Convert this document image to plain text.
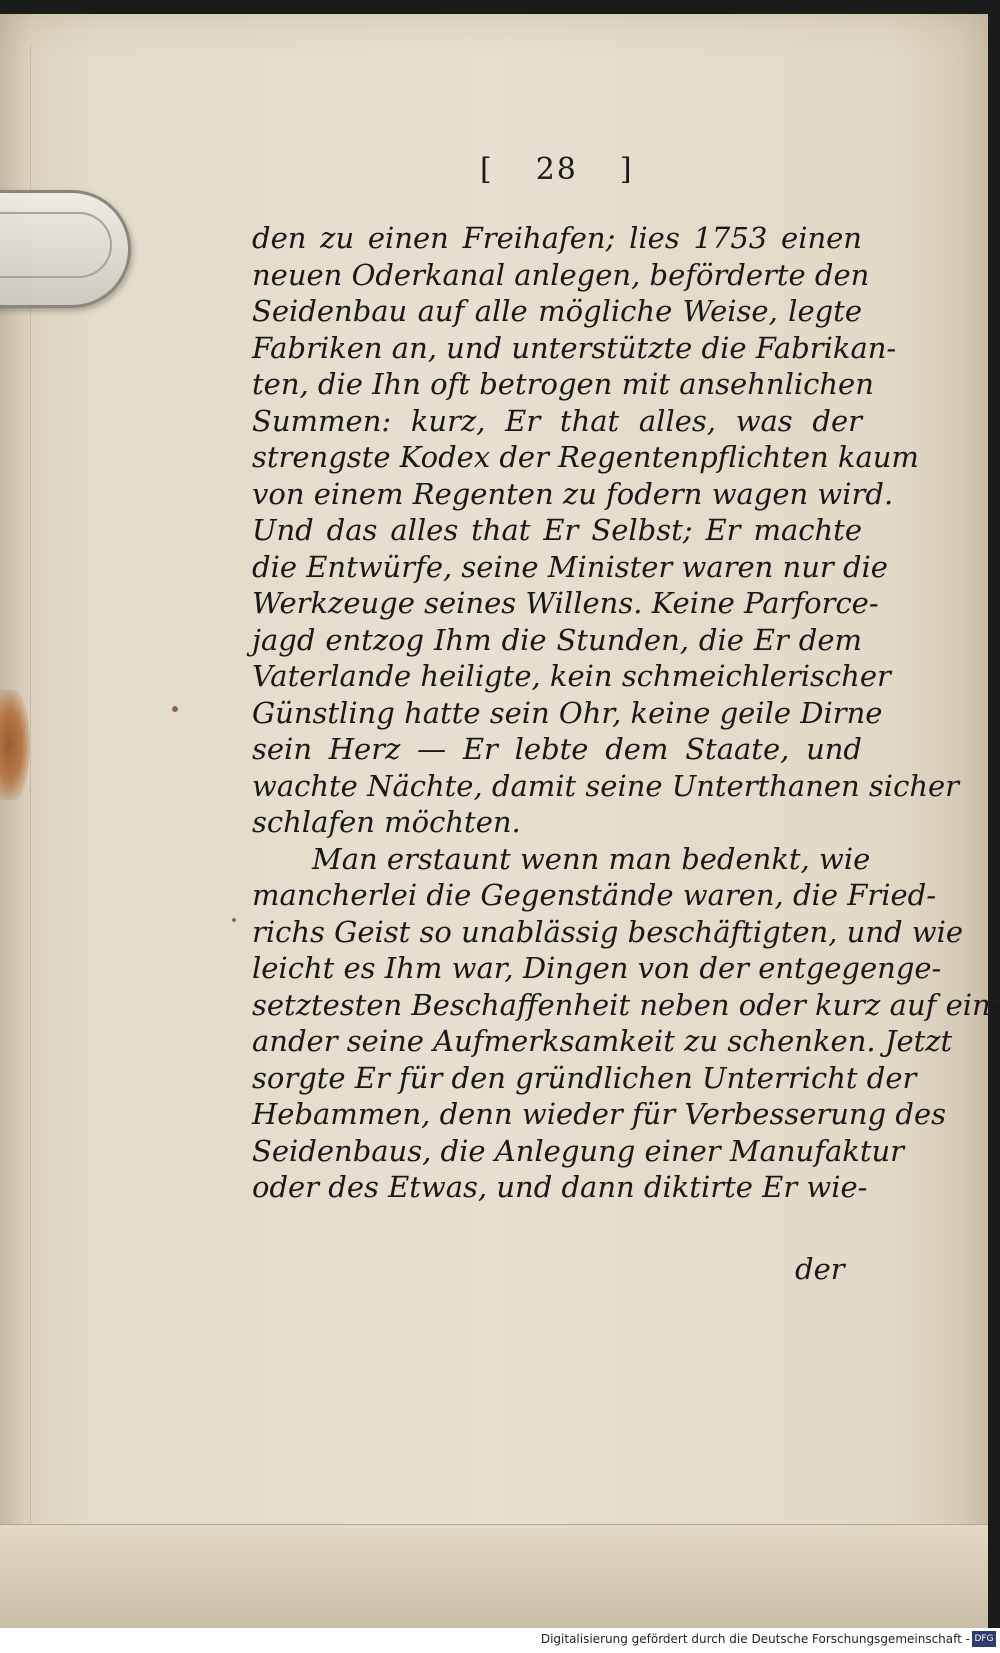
[ 28 ]
den zu einen Freihafen; lies 1753 einen
neuen Oderkanal anlegen, beförderte den
Seidenbau auf alle mögliche Weise, legte
Fabriken an, und unterstützte die Fabrikan-
ten, die Ihn oft betrogen mit ansehnlichen
Summen: kurz, Er that alles, was der
strengste Kodex der Regentenpflichten kaum
von einem Regenten zu fodern wagen wird.
Und das alles that Er Selbst; Er machte
die Entwürfe, seine Minister waren nur die
Werkzeuge seines Willens. Keine Parforce-
jagd entzog Ihm die Stunden, die Er dem
Vaterlande heiligte, kein schmeichlerischer
Günstling hatte sein Ohr, keine geile Dirne
sein Herz — Er lebte dem Staate, und
wachte Nächte, damit seine Unterthanen sicher
schlafen möchten.
Man erstaunt wenn man bedenkt, wie
mancherlei die Gegenstände waren, die Fried-
richs Geist so unablässig beschäftigten, und wie
leicht es Ihm war, Dingen von der entgegenge-
setztesten Beschaffenheit neben oder kurz auf ein-
ander seine Aufmerksamkeit zu schenken. Jetzt
sorgte Er für den gründlichen Unterricht der
Hebammen, denn wieder für Verbesserung des
Seidenbaus, die Anlegung einer Manufaktur
oder des Etwas, und dann diktirte Er wie-
der
Digitalisierung gefördert durch die Deutsche Forschungsgemeinschaft - DFG
